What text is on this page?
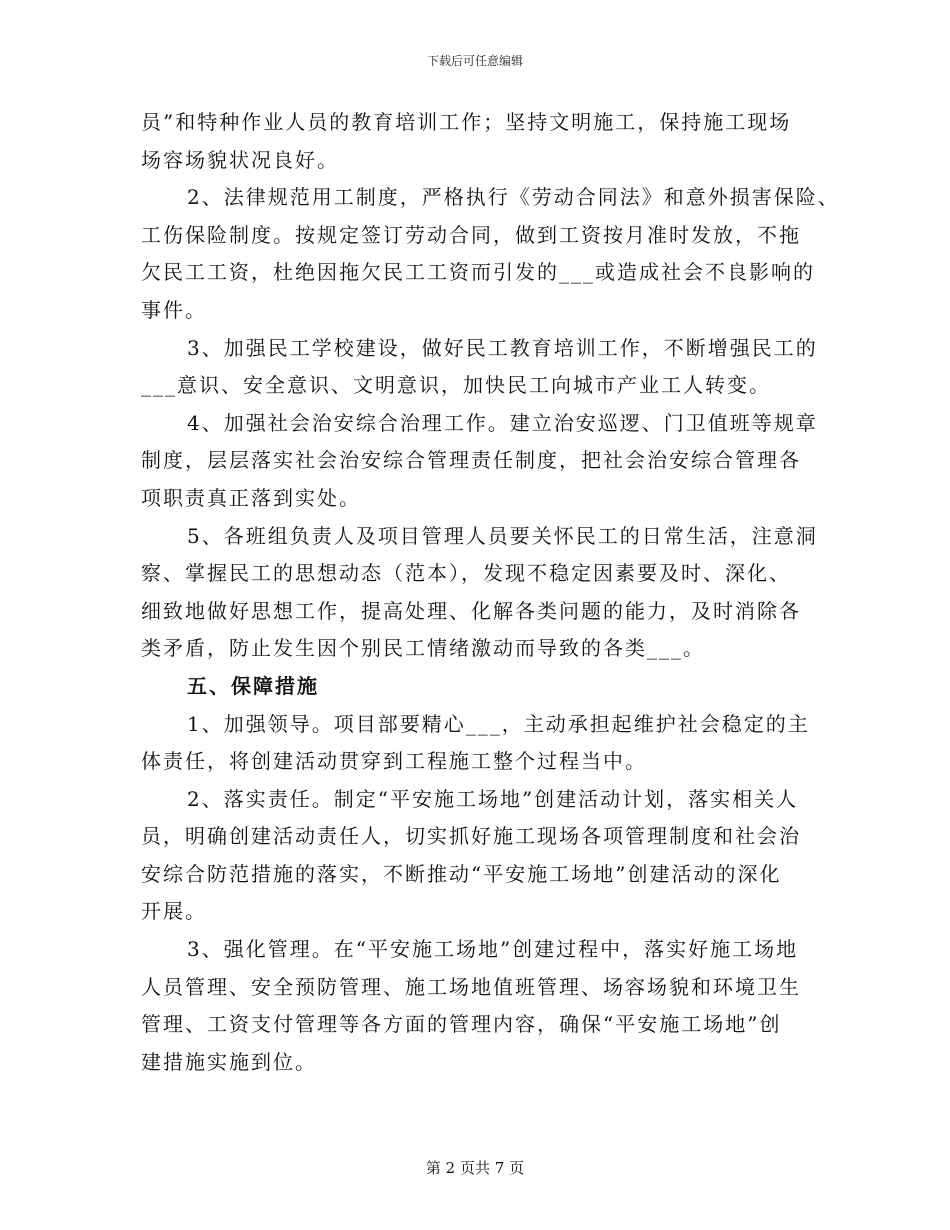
下载后可任意编辑
员”和特种作业人员的教育培训工作；坚持文明施工，保持施工现场
场容场貌状况良好。
2、法律规范用工制度，严格执行《劳动合同法》和意外损害保险、
工伤保险制度。按规定签订劳动合同，做到工资按月准时发放，不拖
欠民工工资，杜绝因拖欠民工工资而引发的___或造成社会不良影响的
事件。
3、加强民工学校建设，做好民工教育培训工作，不断增强民工的
___意识、安全意识、文明意识，加快民工向城市产业工人转变。
4、加强社会治安综合治理工作。建立治安巡逻、门卫值班等规章
制度，层层落实社会治安综合管理责任制度，把社会治安综合管理各
项职责真正落到实处。
5、各班组负责人及项目管理人员要关怀民工的日常生活，注意洞
察、掌握民工的思想动态（范本），发现不稳定因素要及时、深化、
细致地做好思想工作，提高处理、化解各类问题的能力，及时消除各
类矛盾，防止发生因个别民工情绪激动而导致的各类___。
五、保障措施
1、加强领导。项目部要精心___，主动承担起维护社会稳定的主
体责任，将创建活动贯穿到工程施工整个过程当中。
2、落实责任。制定“平安施工场地”创建活动计划，落实相关人
员，明确创建活动责任人，切实抓好施工现场各项管理制度和社会治
安综合防范措施的落实，不断推动“平安施工场地”创建活动的深化
开展。
3、强化管理。在“平安施工场地”创建过程中，落实好施工场地
人员管理、安全预防管理、施工场地值班管理、场容场貌和环境卫生
管理、工资支付管理等各方面的管理内容，确保“平安施工场地”创
建措施实施到位。
第 2 页共 7 页
